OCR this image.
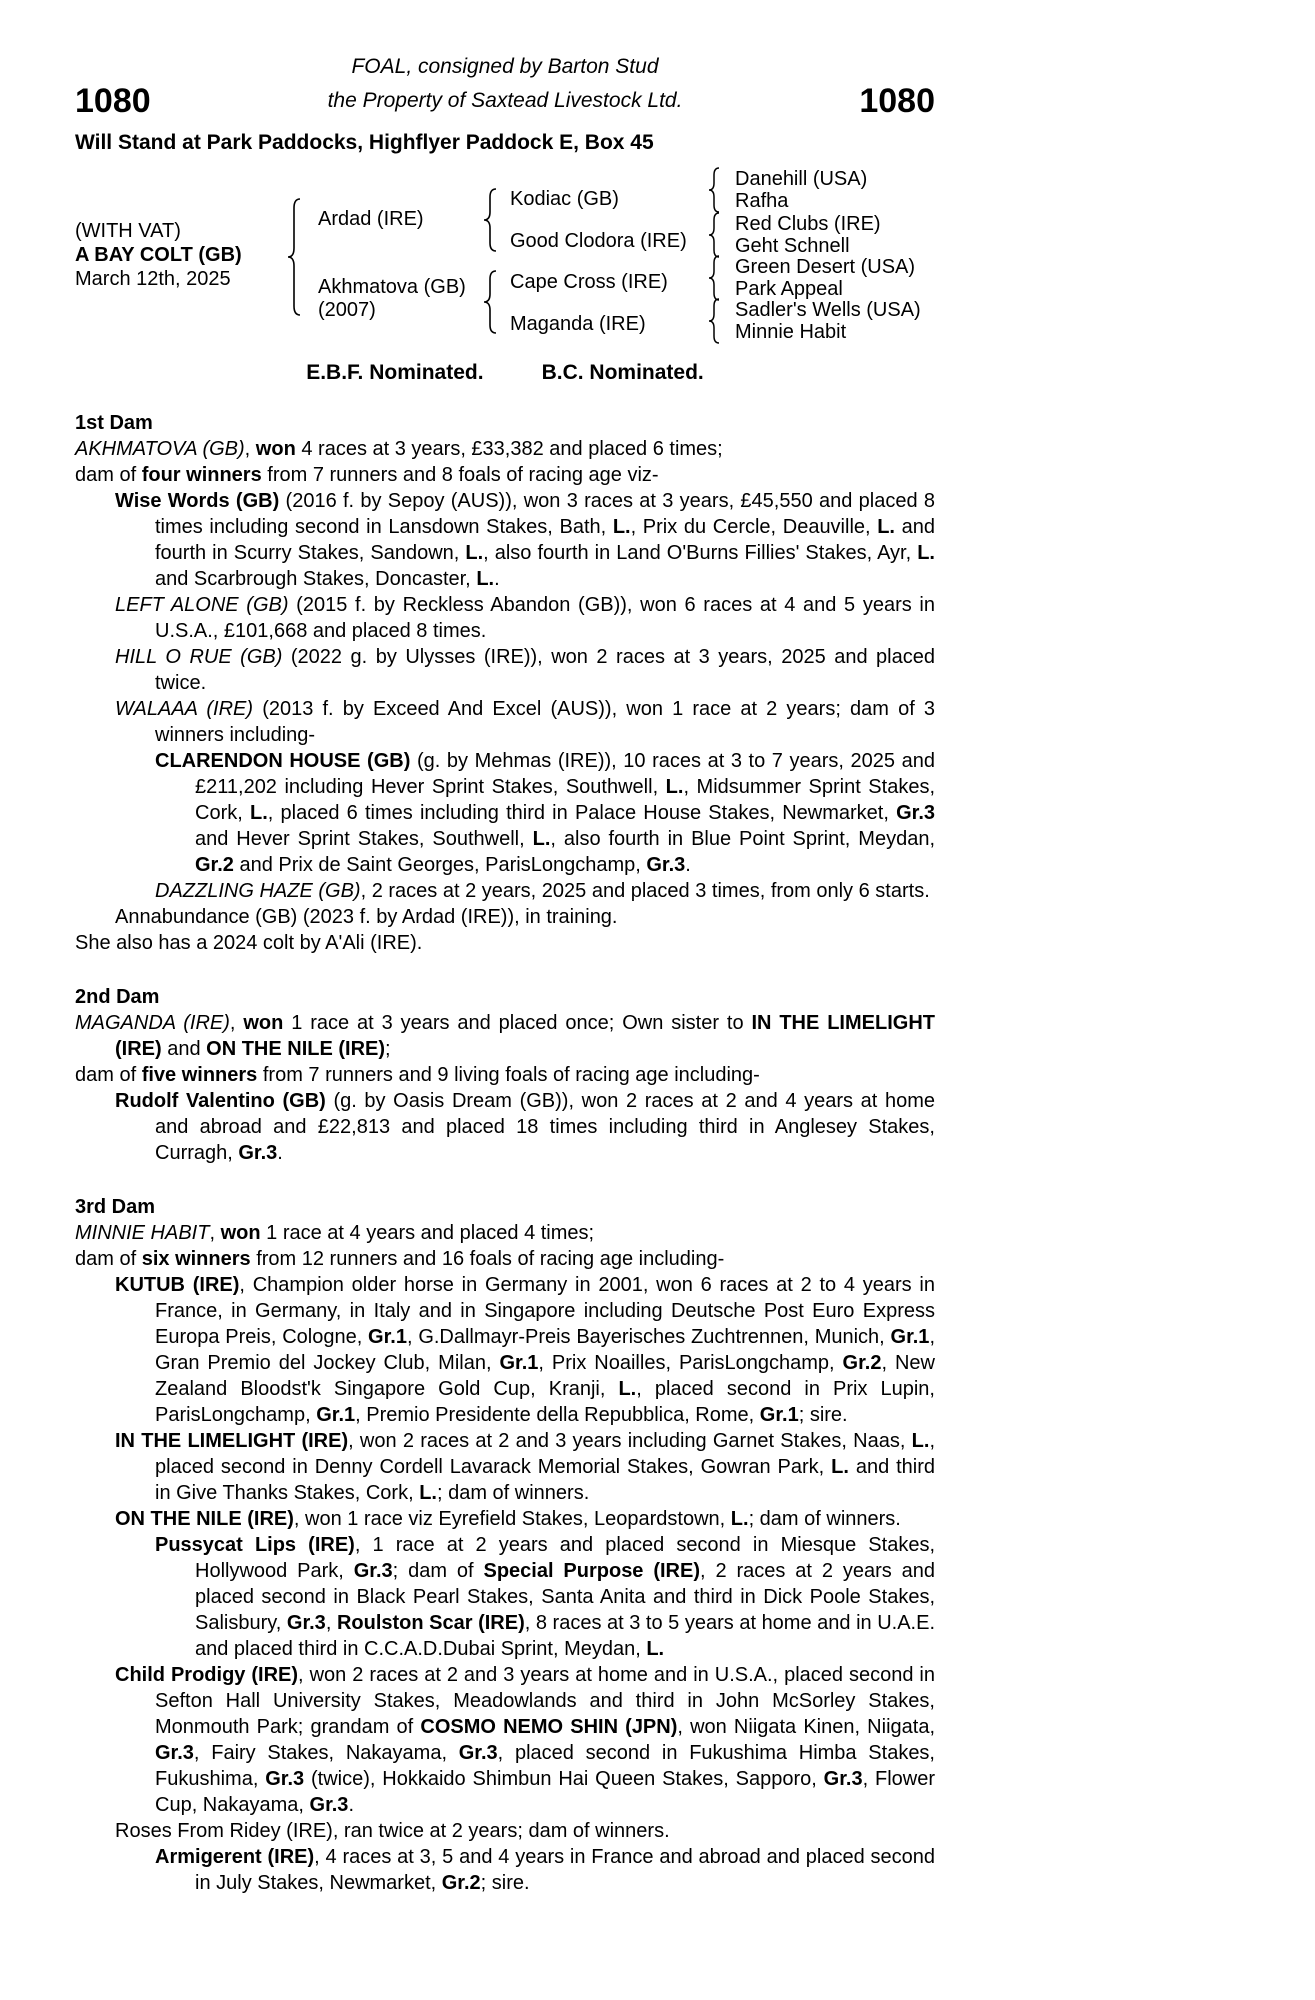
FOAL, consigned by Barton Stud
1080	the Property of Saxtead Livestock Ltd.	1080
Will Stand at Park Paddocks, Highflyer Paddock E, Box 45
(WITH VAT)
A BAY COLT (GB)
March 12th, 2025
Ardad (IRE)
Akhmatova (GB)
(2007)
Kodiac (GB)
Good Clodora (IRE)
Cape Cross (IRE)
Maganda (IRE)
Danehill (USA)
Rafha
Red Clubs (IRE)
Geht Schnell
Green Desert (USA)
Park Appeal
Sadler's Wells (USA)
Minnie Habit
E.B.F. Nominated.	B.C. Nominated.
1st Dam

AKHMATOVA (GB), won 4 races at 3 years, £33,382 and placed 6 times;

dam of four winners from 7 runners and 8 foals of racing age viz-

Wise Words (GB) (2016 f. by Sepoy (AUS)), won 3 races at 3 years, £45,550 and placed 8 times including second in Lansdown Stakes, Bath, L., Prix du Cercle, Deauville, L. and fourth in Scurry Stakes, Sandown, L., also fourth in Land O'Burns Fillies' Stakes, Ayr, L. and Scarbrough Stakes, Doncaster, L..

LEFT ALONE (GB) (2015 f. by Reckless Abandon (GB)), won 6 races at 4 and 5 years in U.S.A., £101,668 and placed 8 times.

HILL O RUE (GB) (2022 g. by Ulysses (IRE)), won 2 races at 3 years, 2025 and placed twice.

WALAAA (IRE) (2013 f. by Exceed And Excel (AUS)), won 1 race at 2 years; dam of 3 winners including-

CLARENDON HOUSE (GB) (g. by Mehmas (IRE)), 10 races at 3 to 7 years, 2025 and £211,202 including Hever Sprint Stakes, Southwell, L., Midsummer Sprint Stakes, Cork, L., placed 6 times including third in Palace House Stakes, Newmarket, Gr.3 and Hever Sprint Stakes, Southwell, L., also fourth in Blue Point Sprint, Meydan, Gr.2 and Prix de Saint Georges, ParisLongchamp, Gr.3.

DAZZLING HAZE (GB), 2 races at 2 years, 2025 and placed 3 times, from only 6 starts.

Annabundance (GB) (2023 f. by Ardad (IRE)), in training.

She also has a 2024 colt by A'Ali (IRE).

2nd Dam

MAGANDA (IRE), won 1 race at 3 years and placed once; Own sister to IN THE LIMELIGHT (IRE) and ON THE NILE (IRE);

dam of five winners from 7 runners and 9 living foals of racing age including-

Rudolf Valentino (GB) (g. by Oasis Dream (GB)), won 2 races at 2 and 4 years at home and abroad and £22,813 and placed 18 times including third in Anglesey Stakes, Curragh, Gr.3.

3rd Dam

MINNIE HABIT, won 1 race at 4 years and placed 4 times;

dam of six winners from 12 runners and 16 foals of racing age including-

KUTUB (IRE), Champion older horse in Germany in 2001, won 6 races at 2 to 4 years in France, in Germany, in Italy and in Singapore including Deutsche Post Euro Express Europa Preis, Cologne, Gr.1, G.Dallmayr-Preis Bayerisches Zuchtrennen, Munich, Gr.1, Gran Premio del Jockey Club, Milan, Gr.1, Prix Noailles, ParisLongchamp, Gr.2, New Zealand Bloodst'k Singapore Gold Cup, Kranji, L., placed second in Prix Lupin, ParisLongchamp, Gr.1, Premio Presidente della Repubblica, Rome, Gr.1; sire.

IN THE LIMELIGHT (IRE), won 2 races at 2 and 3 years including Garnet Stakes, Naas, L., placed second in Denny Cordell Lavarack Memorial Stakes, Gowran Park, L. and third in Give Thanks Stakes, Cork, L.; dam of winners.

ON THE NILE (IRE), won 1 race viz Eyrefield Stakes, Leopardstown, L.; dam of winners.

Pussycat Lips (IRE), 1 race at 2 years and placed second in Miesque Stakes, Hollywood Park, Gr.3; dam of Special Purpose (IRE), 2 races at 2 years and placed second in Black Pearl Stakes, Santa Anita and third in Dick Poole Stakes, Salisbury, Gr.3, Roulston Scar (IRE), 8 races at 3 to 5 years at home and in U.A.E. and placed third in C.C.A.D.Dubai Sprint, Meydan, L.

Child Prodigy (IRE), won 2 races at 2 and 3 years at home and in U.S.A., placed second in Sefton Hall University Stakes, Meadowlands and third in John McSorley Stakes, Monmouth Park; grandam of COSMO NEMO SHIN (JPN), won Niigata Kinen, Niigata, Gr.3, Fairy Stakes, Nakayama, Gr.3, placed second in Fukushima Himba Stakes, Fukushima, Gr.3 (twice), Hokkaido Shimbun Hai Queen Stakes, Sapporo, Gr.3, Flower Cup, Nakayama, Gr.3.

Roses From Ridey (IRE), ran twice at 2 years; dam of winners.

Armigerent (IRE), 4 races at 3, 5 and 4 years in France and abroad and placed second in July Stakes, Newmarket, Gr.2; sire.
